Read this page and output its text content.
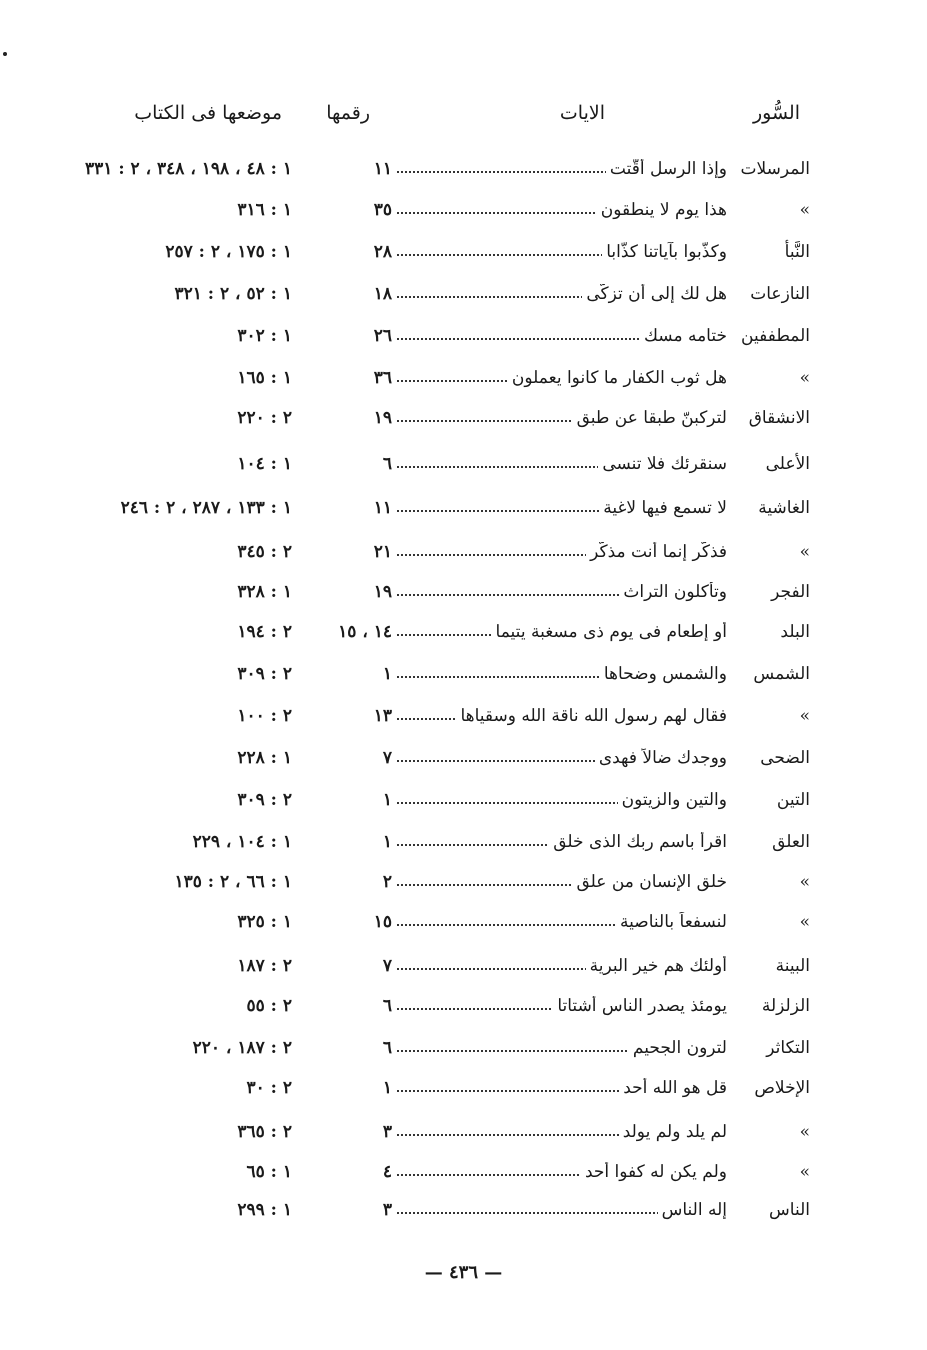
السُّور
الايات
رقمها
موضعها فى الكتاب
المرسلات
وإذا الرسل أُقّتت
١١
١ : ٤٨ ، ١٩٨ ، ٣٤٨ ، ٢ : ٣٣١
»
هذا يوم لا ينطقون
٣٥
١ : ٣١٦
النَّبأ
وكذّبوا بآياتنا كذّابا
٢٨
١ : ١٧٥ ، ٢ : ٢٥٧
النازعات
هل لك إلى أن تزكّى
١٨
١ : ٥٢ ، ٢ : ٣٢١
المطففين
ختامه مسك
٢٦
١ : ٣٠٢
»
هل ثوب الكفار ما كانوا يعملون
٣٦
١ : ١٦٥
الانشقاق
لتركبنّ طبقا عن طبق
١٩
٢ : ٢٢٠
الأعلى
سنقرئك فلا تنسى
٦
١ : ١٠٤
الغاشية
لا تسمع فيها لاغية
١١
١ : ١٣٣ ، ٢٨٧ ، ٢ : ٢٤٦
»
فذكّر إنما أنت مذكّر
٢١
٢ : ٣٤٥
الفجر
وتأكلون التراث
١٩
١ : ٣٢٨
البلد
أو إطعام فى يوم ذى مسغبة يتيما
١٤ ، ١٥
٢ : ١٩٤
الشمس
والشمس وضحاها
١
٢ : ٣٠٩
»
فقال لهم رسول الله ناقة الله وسقياها
١٣
٢ : ١٠٠
الضحى
ووجدك ضالاً فهدى
٧
١ : ٢٢٨
التين
والتين والزيتون
١
٢ : ٣٠٩
العلق
اقرأ باسم ربك الذى خلق
١
١ : ١٠٤ ، ٢٢٩
»
خلق الإنسان من علق
٢
١ : ٦٦ ، ٢ : ١٣٥
»
لنسفعاً بالناصية
١٥
١ : ٣٢٥
البينة
أولئك هم خير البرية
٧
٢ : ١٨٧
الزلزلة
يومئذ يصدر الناس أشتاتا
٦
٢ : ٥٥
التكاثر
لترون الجحيم
٦
٢ : ١٨٧ ، ٢٢٠
الإخلاص
قل هو الله أحد
١
٢ : ٣٠
»
لم يلد ولم يولد
٣
٢ : ٣٦٥
»
ولم يكن له كفوا أحد
٤
١ : ٦٥
الناس
إله الناس
٣
١ : ٢٩٩
— ٤٣٦ —
